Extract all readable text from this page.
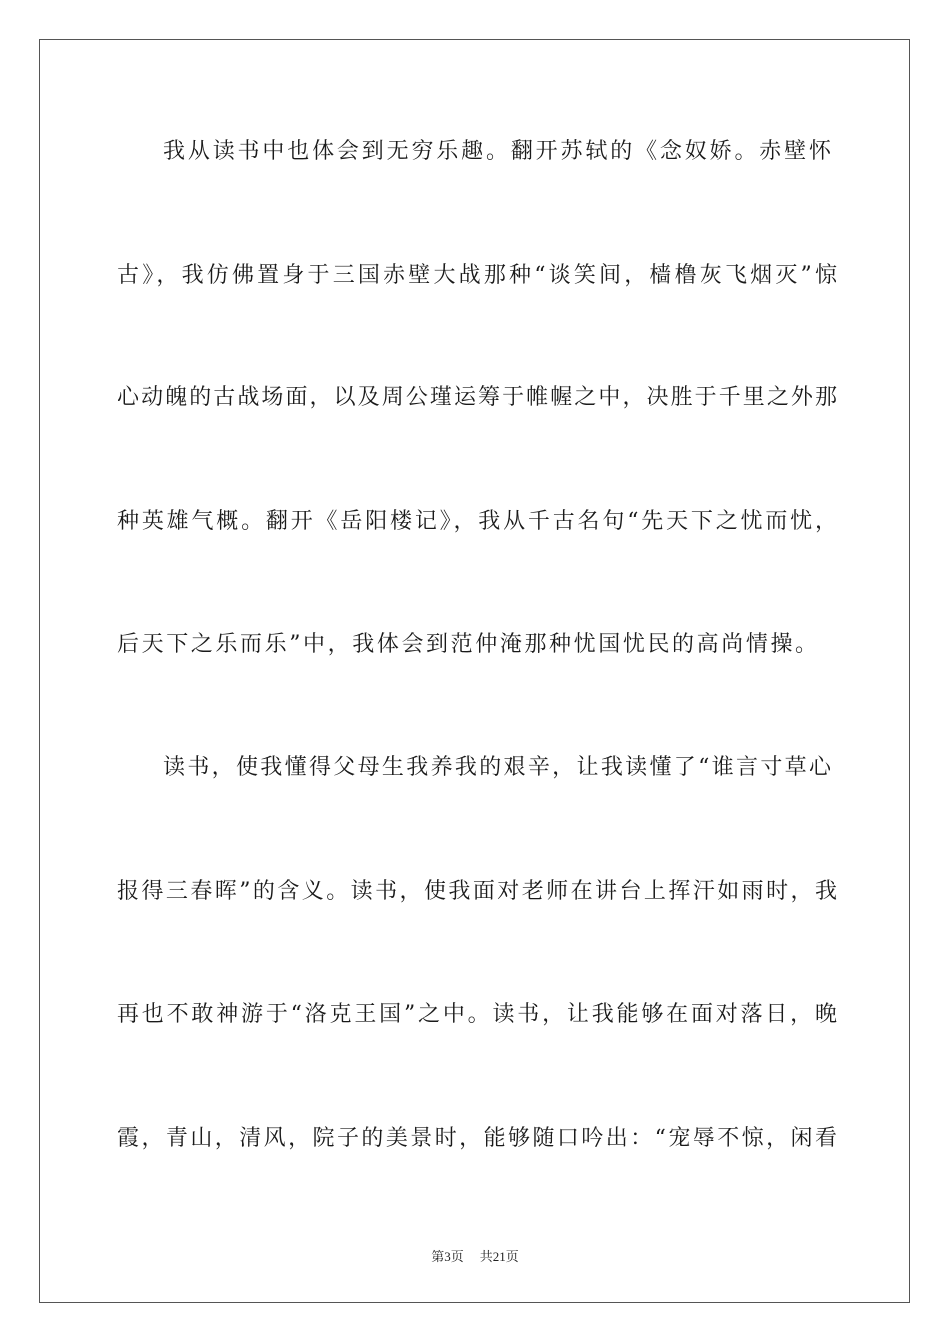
我从读书中也体会到无穷乐趣。翻开苏轼的《念奴娇。赤壁怀
古》，我仿佛置身于三国赤壁大战那种“谈笑间，樯橹灰飞烟灭”惊
心动魄的古战场面，以及周公瑾运筹于帷幄之中，决胜于千里之外那
种英雄气概。翻开《岳阳楼记》，我从千古名句“先天下之忧而忧，
后天下之乐而乐”中，我体会到范仲淹那种忧国忧民的高尚情操。
读书，使我懂得父母生我养我的艰辛，让我读懂了“谁言寸草心
报得三春晖”的含义。读书，使我面对老师在讲台上挥汗如雨时，我
再也不敢神游于“洛克王国”之中。读书，让我能够在面对落日，晚
霞，青山，清风，院子的美景时，能够随口吟出：“宠辱不惊，闲看
第3页 共21页
